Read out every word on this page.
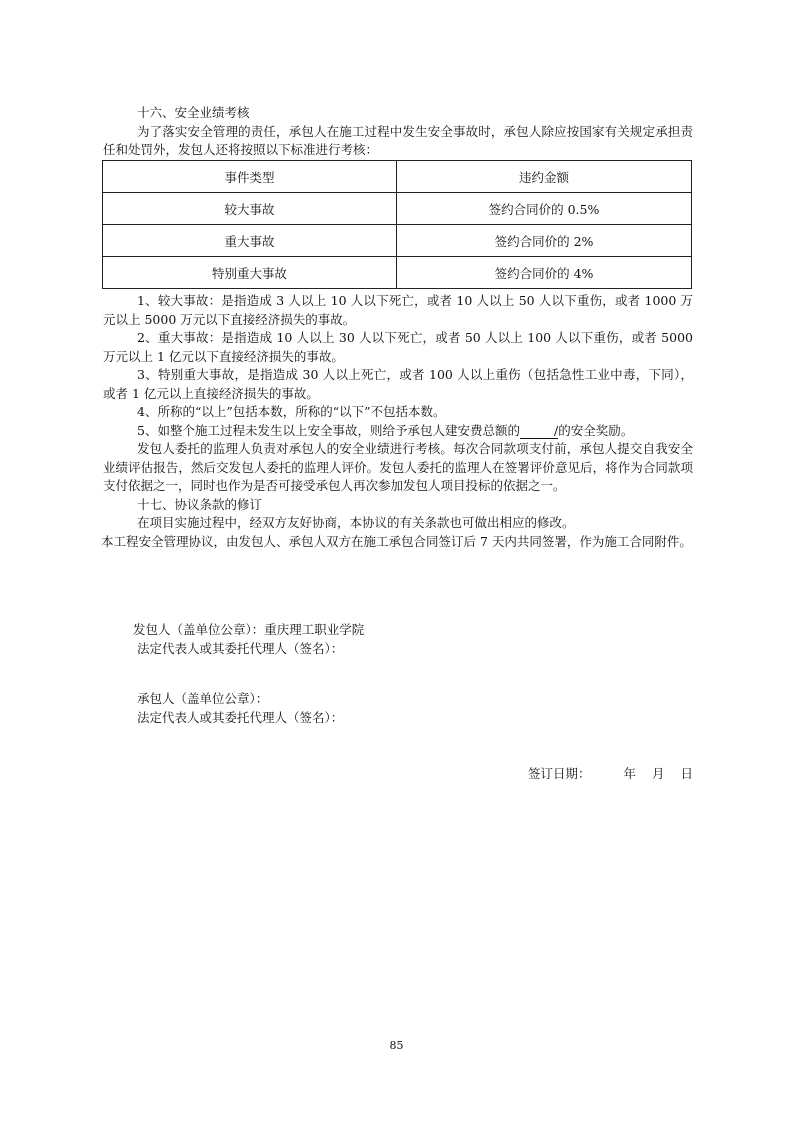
十六、安全业绩考核

为了落实安全管理的责任，承包人在施工过程中发生安全事故时，承包人除应按国家有关规定承担责任和处罚外，发包人还将按照以下标准进行考核：

事件类型	违约金额
较大事故	签约合同价的 0.5%
重大事故	签约合同价的 2%
特别重大事故	签约合同价的 4%

1、较大事故：是指造成 3 人以上 10 人以下死亡，或者 10 人以上 50 人以下重伤，或者 1000 万元以上 5000 万元以下直接经济损失的事故。

2、重大事故：是指造成 10 人以上 30 人以下死亡，或者 50 人以上 100 人以下重伤，或者 5000 万元以上 1 亿元以下直接经济损失的事故。

3、特别重大事故，是指造成 30 人以上死亡，或者 100 人以上重伤（包括急性工业中毒，下同），或者 1 亿元以上直接经济损失的事故。

4、所称的“以上”包括本数，所称的“以下”不包括本数。

5、如整个施工过程未发生以上安全事故，则给予承包人建安费总额的	/的安全奖励。

发包人委托的监理人负责对承包人的安全业绩进行考核。每次合同款项支付前，承包人提交自我安全业绩评估报告，然后交发包人委托的监理人评价。发包人委托的监理人在签署评价意见后，将作为合同款项支付依据之一，同时也作为是否可接受承包人再次参加发包人项目投标的依据之一。

十七、协议条款的修订

在项目实施过程中，经双方友好协商，本协议的有关条款也可做出相应的修改。

本工程安全管理协议，由发包人、承包人双方在施工承包合同签订后 7 天内共同签署，作为施工合同附件。

发包人（盖单位公章）：重庆理工职业学院
法定代表人或其委托代理人（签名）：
承包人（盖单位公章）：
法定代表人或其委托代理人（签名）：
签订日期：	年 月 日
85
